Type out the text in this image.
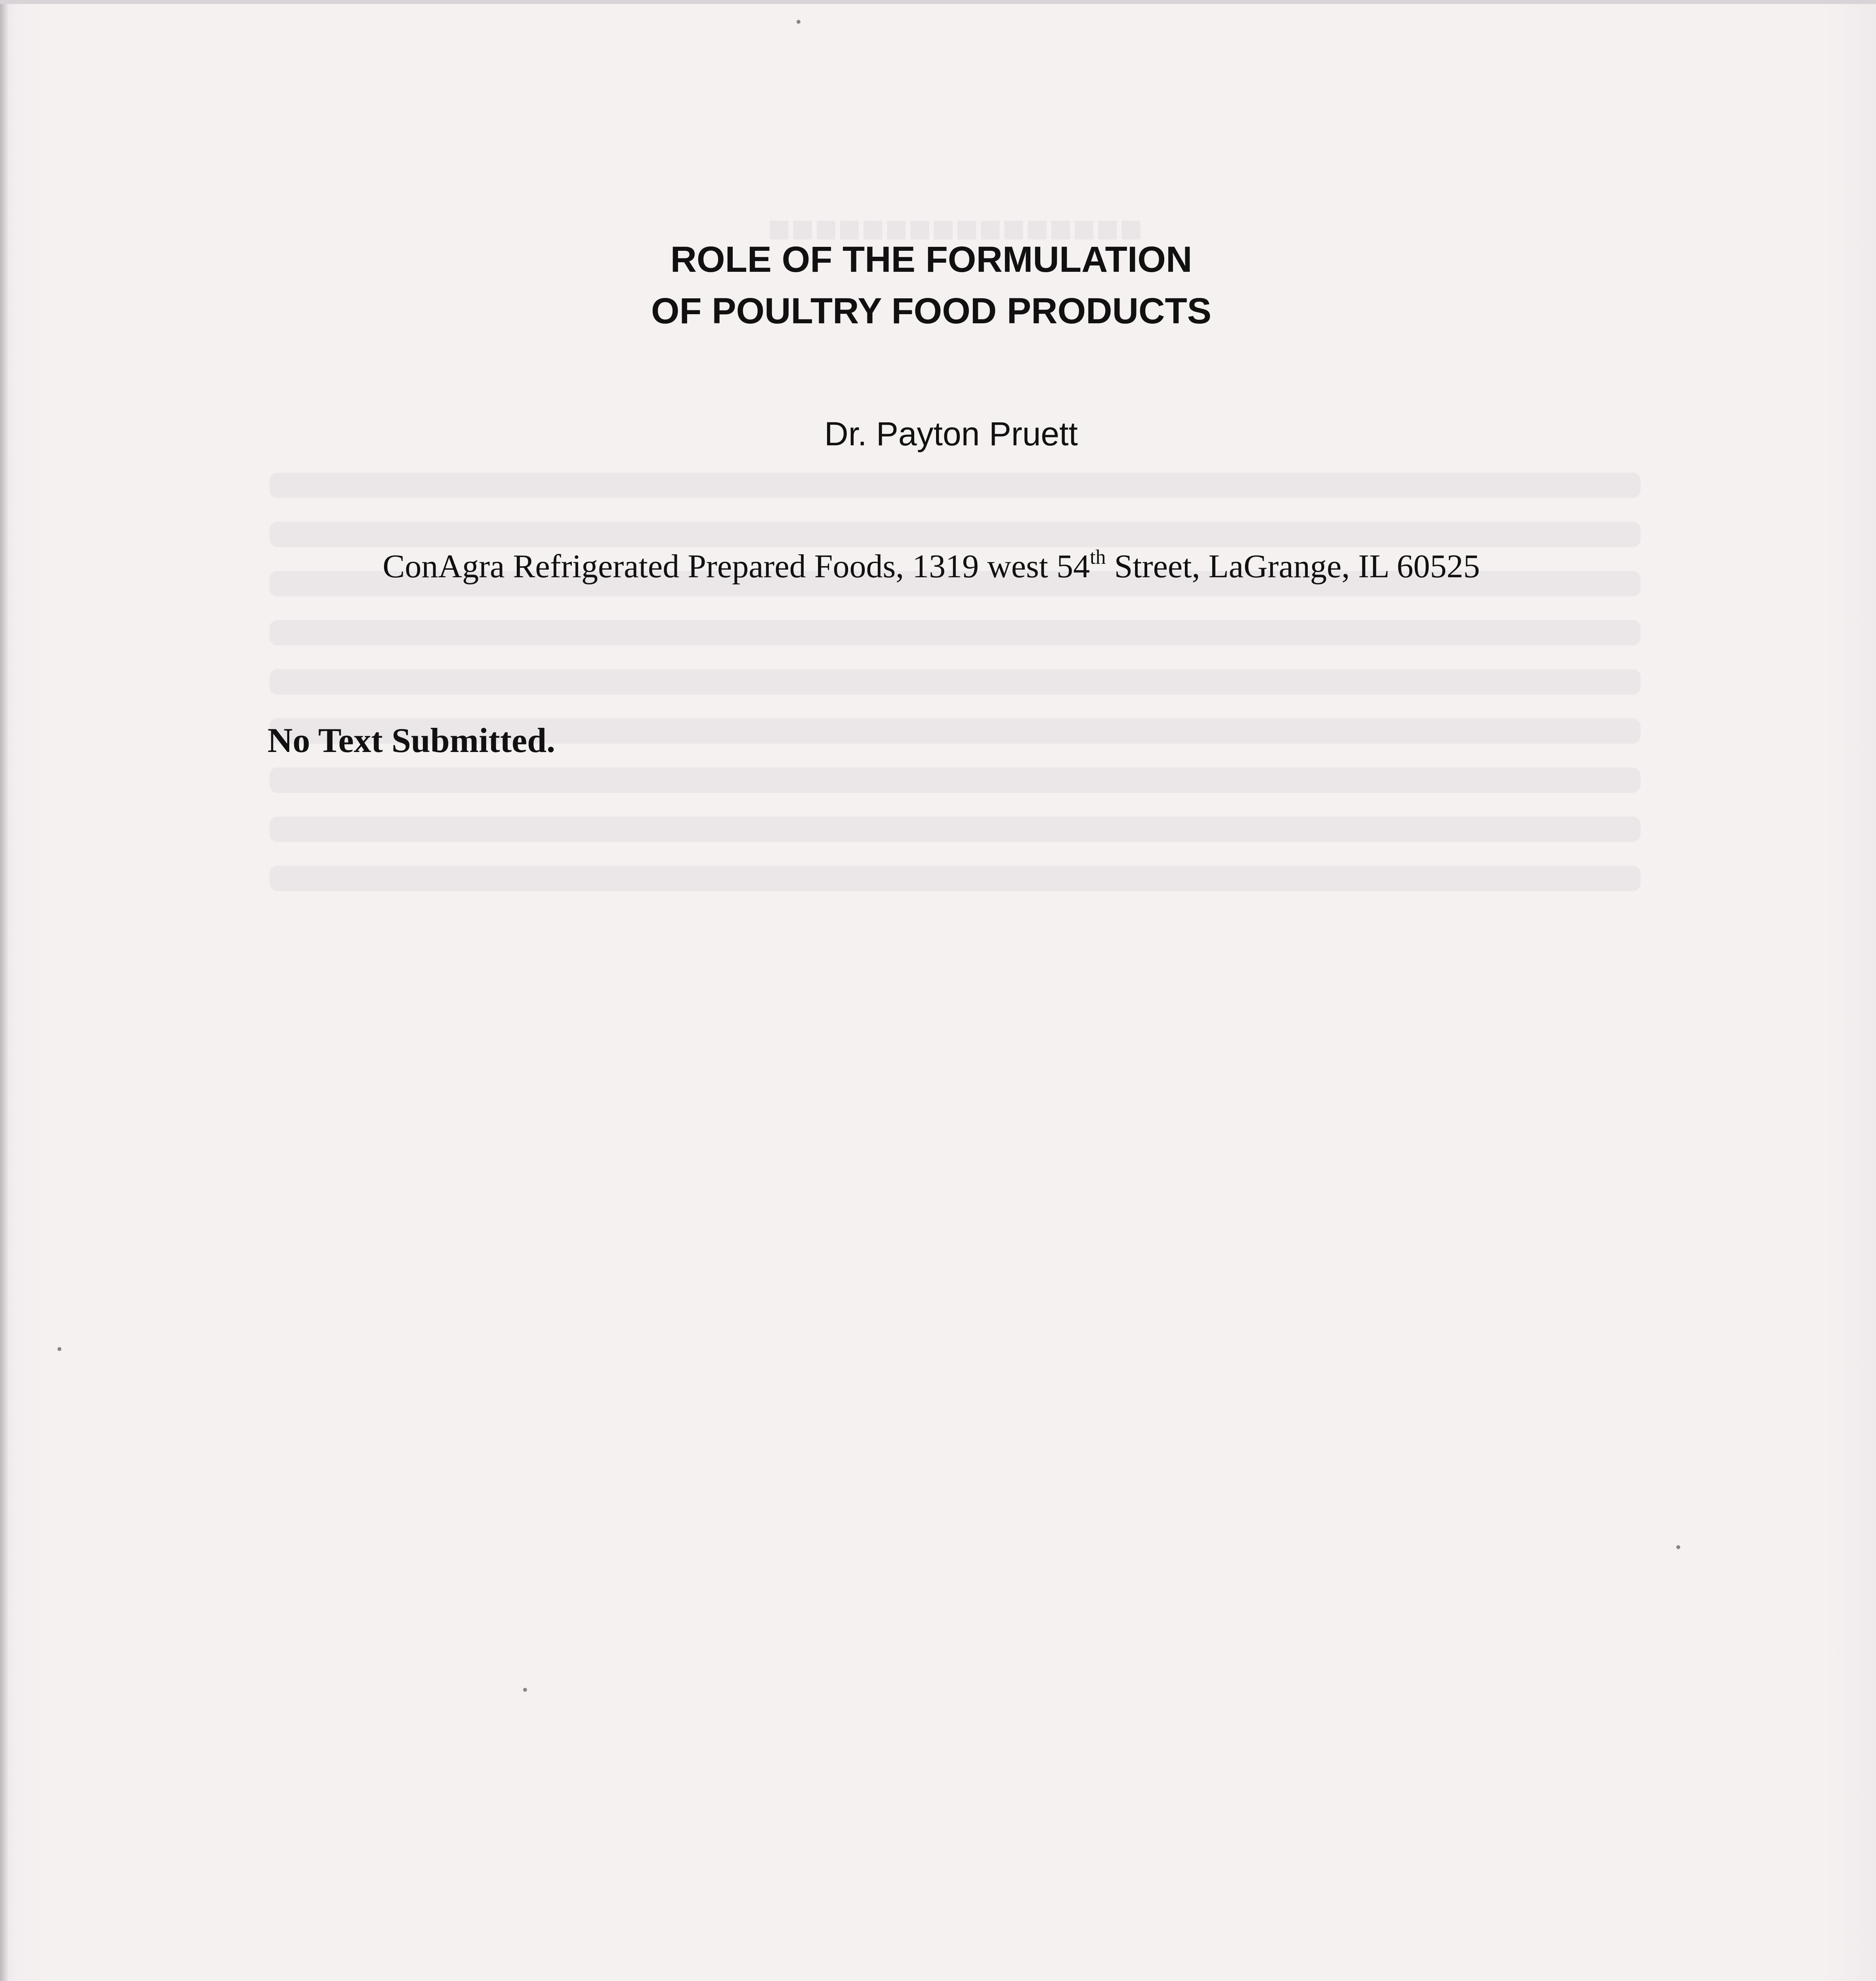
■■■■■■■■■■■■■■■■
ROLE OF THE FORMULATION
OF POULTRY FOOD PRODUCTS
Dr. Payton Pruett
ConAgra Refrigerated Prepared Foods, 1319 west 54th Street, LaGrange, IL 60525
No Text Submitted.
